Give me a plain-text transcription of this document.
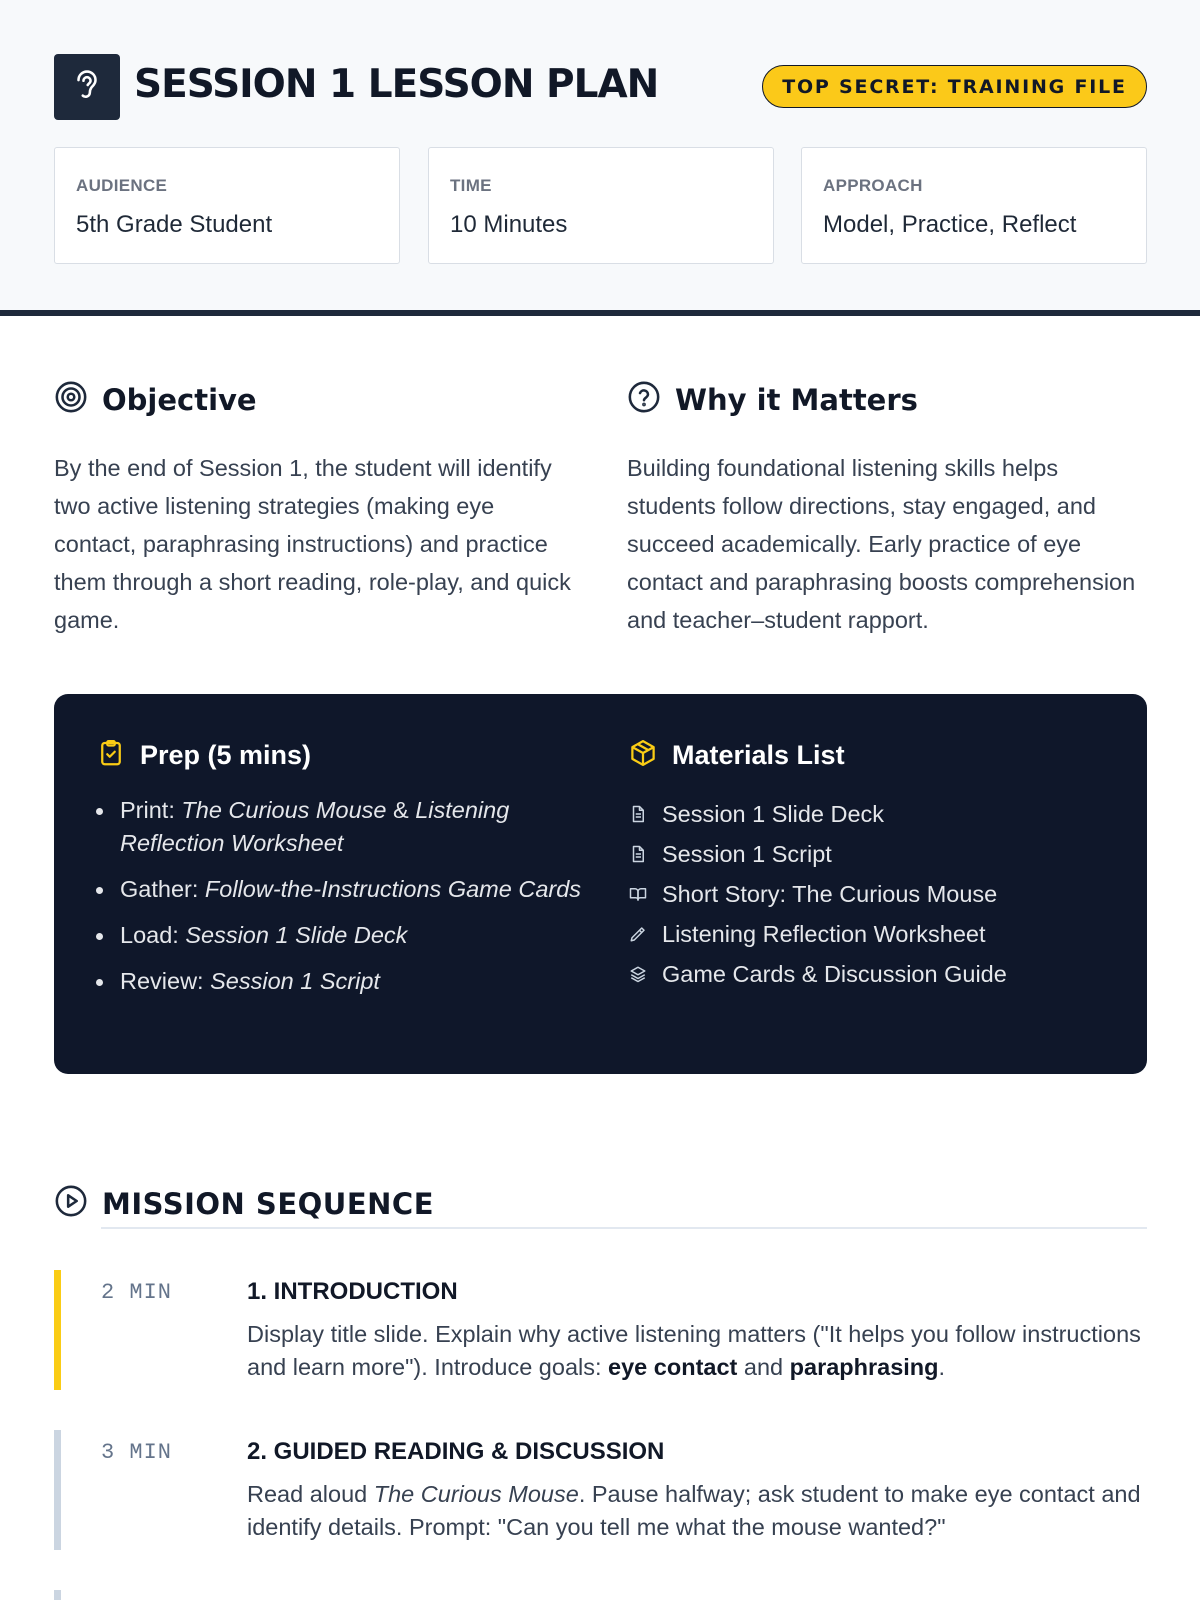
SESSION 1 LESSON PLAN	TOP SECRET: TRAINING FILE
AUDIENCE
5th Grade Student
TIME
10 Minutes
APPROACH
Model, Practice, Reflect
Objective
By the end of Session 1, the student will identify two active listening strategies (making eye contact, paraphrasing instructions) and practice them through a short reading, role-play, and quick game.
Why it Matters
Building foundational listening skills helps students follow directions, stay engaged, and succeed academically. Early practice of eye contact and paraphrasing boosts comprehension and teacher–student rapport.
Prep (5 mins)
Print: The Curious Mouse & Listening Reflection Worksheet
Gather: Follow-the-Instructions Game Cards
Load: Session 1 Slide Deck
Review: Session 1 Script
Materials List
Session 1 Slide Deck
Session 1 Script
Short Story: The Curious Mouse
Listening Reflection Worksheet
Game Cards & Discussion Guide
MISSION SEQUENCE
2 MIN	1. INTRODUCTION
Display title slide. Explain why active listening matters ("It helps you follow instructions and learn more"). Introduce goals: eye contact and paraphrasing.
3 MIN	2. GUIDED READING & DISCUSSION
Read aloud The Curious Mouse. Pause halfway; ask student to make eye contact and identify details. Prompt: "Can you tell me what the mouse wanted?"
